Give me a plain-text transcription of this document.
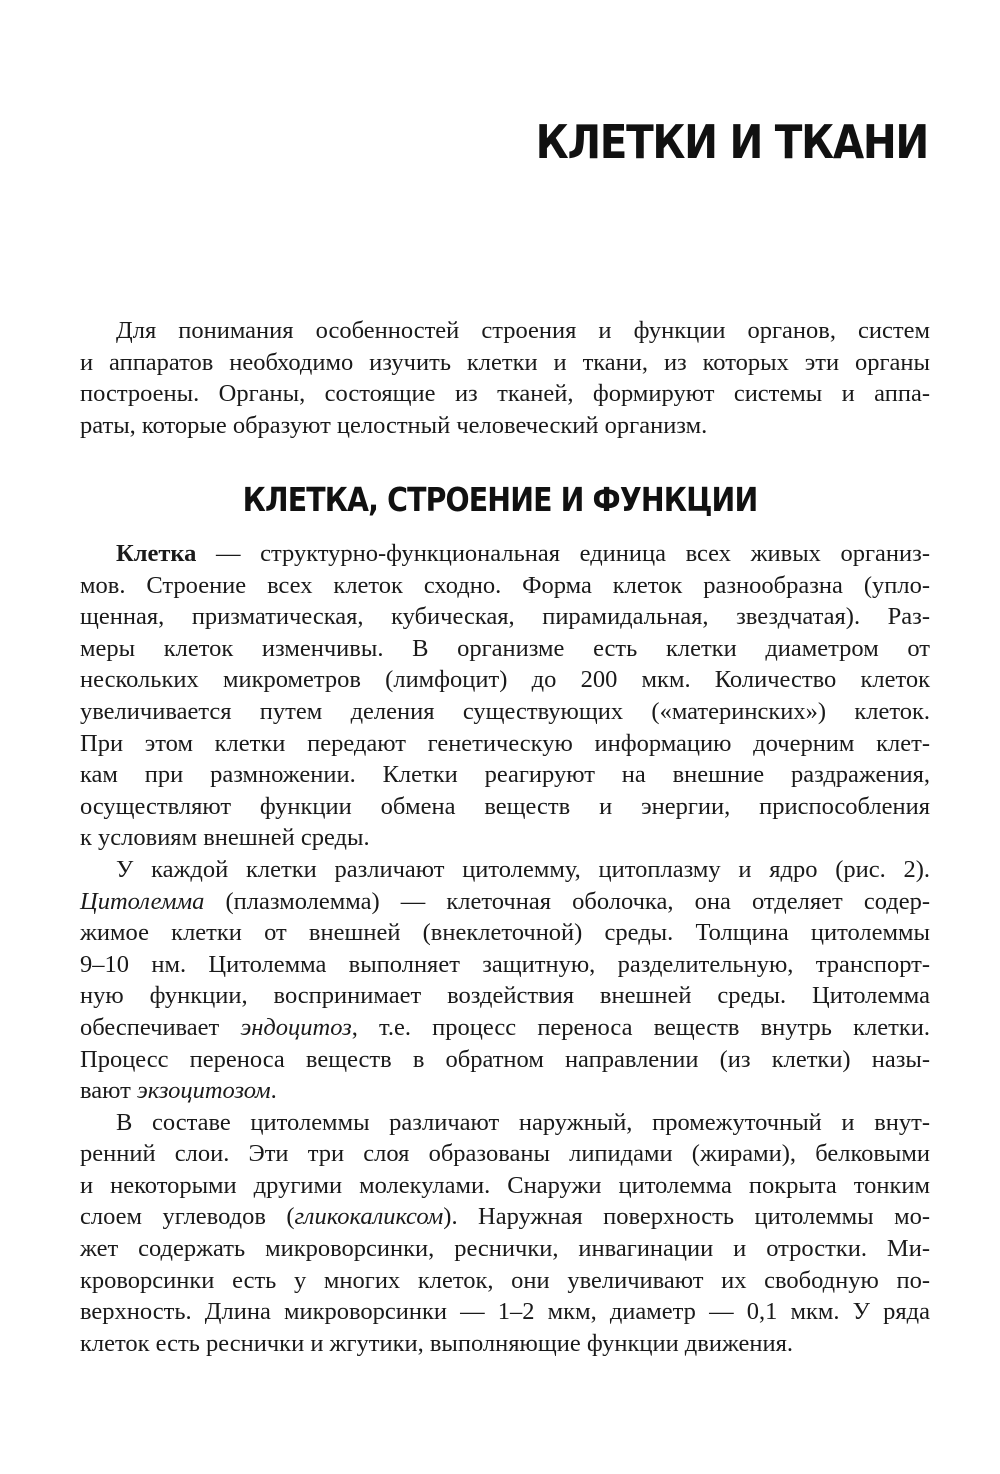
КЛЕТКИ И ТКАНИ
Для понимания особенностей строения и функции органов, систем
и аппаратов необходимо изучить клетки и ткани, из которых эти органы
построены. Органы, состоящие из тканей, формируют системы и аппа-
раты, которые образуют целостный человеческий организм.
КЛЕТКА, СТРОЕНИЕ И ФУНКЦИИ
Клетка — структурно-функциональная единица всех живых организ-
мов. Строение всех клеток сходно. Форма клеток разнообразна (упло-
щенная, призматическая, кубическая, пирамидальная, звездчатая). Раз-
меры клеток изменчивы. В организме есть клетки диаметром от
нескольких микрометров (лимфоцит) до 200 мкм. Количество клеток
увеличивается путем деления существующих («материнских») клеток.
При этом клетки передают генетическую информацию дочерним клет-
кам при размножении. Клетки реагируют на внешние раздражения,
осуществляют функции обмена веществ и энергии, приспособления
к условиям внешней среды.
У каждой клетки различают цитолемму, цитоплазму и ядро (рис. 2).
Цитолемма (плазмолемма) — клеточная оболочка, она отделяет содер-
жимое клетки от внешней (внеклеточной) среды. Толщина цитолеммы
9–10 нм. Цитолемма выполняет защитную, разделительную, транспорт-
ную функции, воспринимает воздействия внешней среды. Цитолемма
обеспечивает эндоцитоз, т.е. процесс переноса веществ внутрь клетки.
Процесс переноса веществ в обратном направлении (из клетки) назы-
вают экзоцитозом.
В составе цитолеммы различают наружный, промежуточный и внут-
ренний слои. Эти три слоя образованы липидами (жирами), белковыми
и некоторыми другими молекулами. Снаружи цитолемма покрыта тонким
слоем углеводов (гликокаликсом). Наружная поверхность цитолеммы мо-
жет содержать микроворсинки, реснички, инвагинации и отростки. Ми-
кроворсинки есть у многих клеток, они увеличивают их свободную по-
верхность. Длина микроворсинки — 1–2 мкм, диаметр — 0,1 мкм. У ряда
клеток есть реснички и жгутики, выполняющие функции движения.
